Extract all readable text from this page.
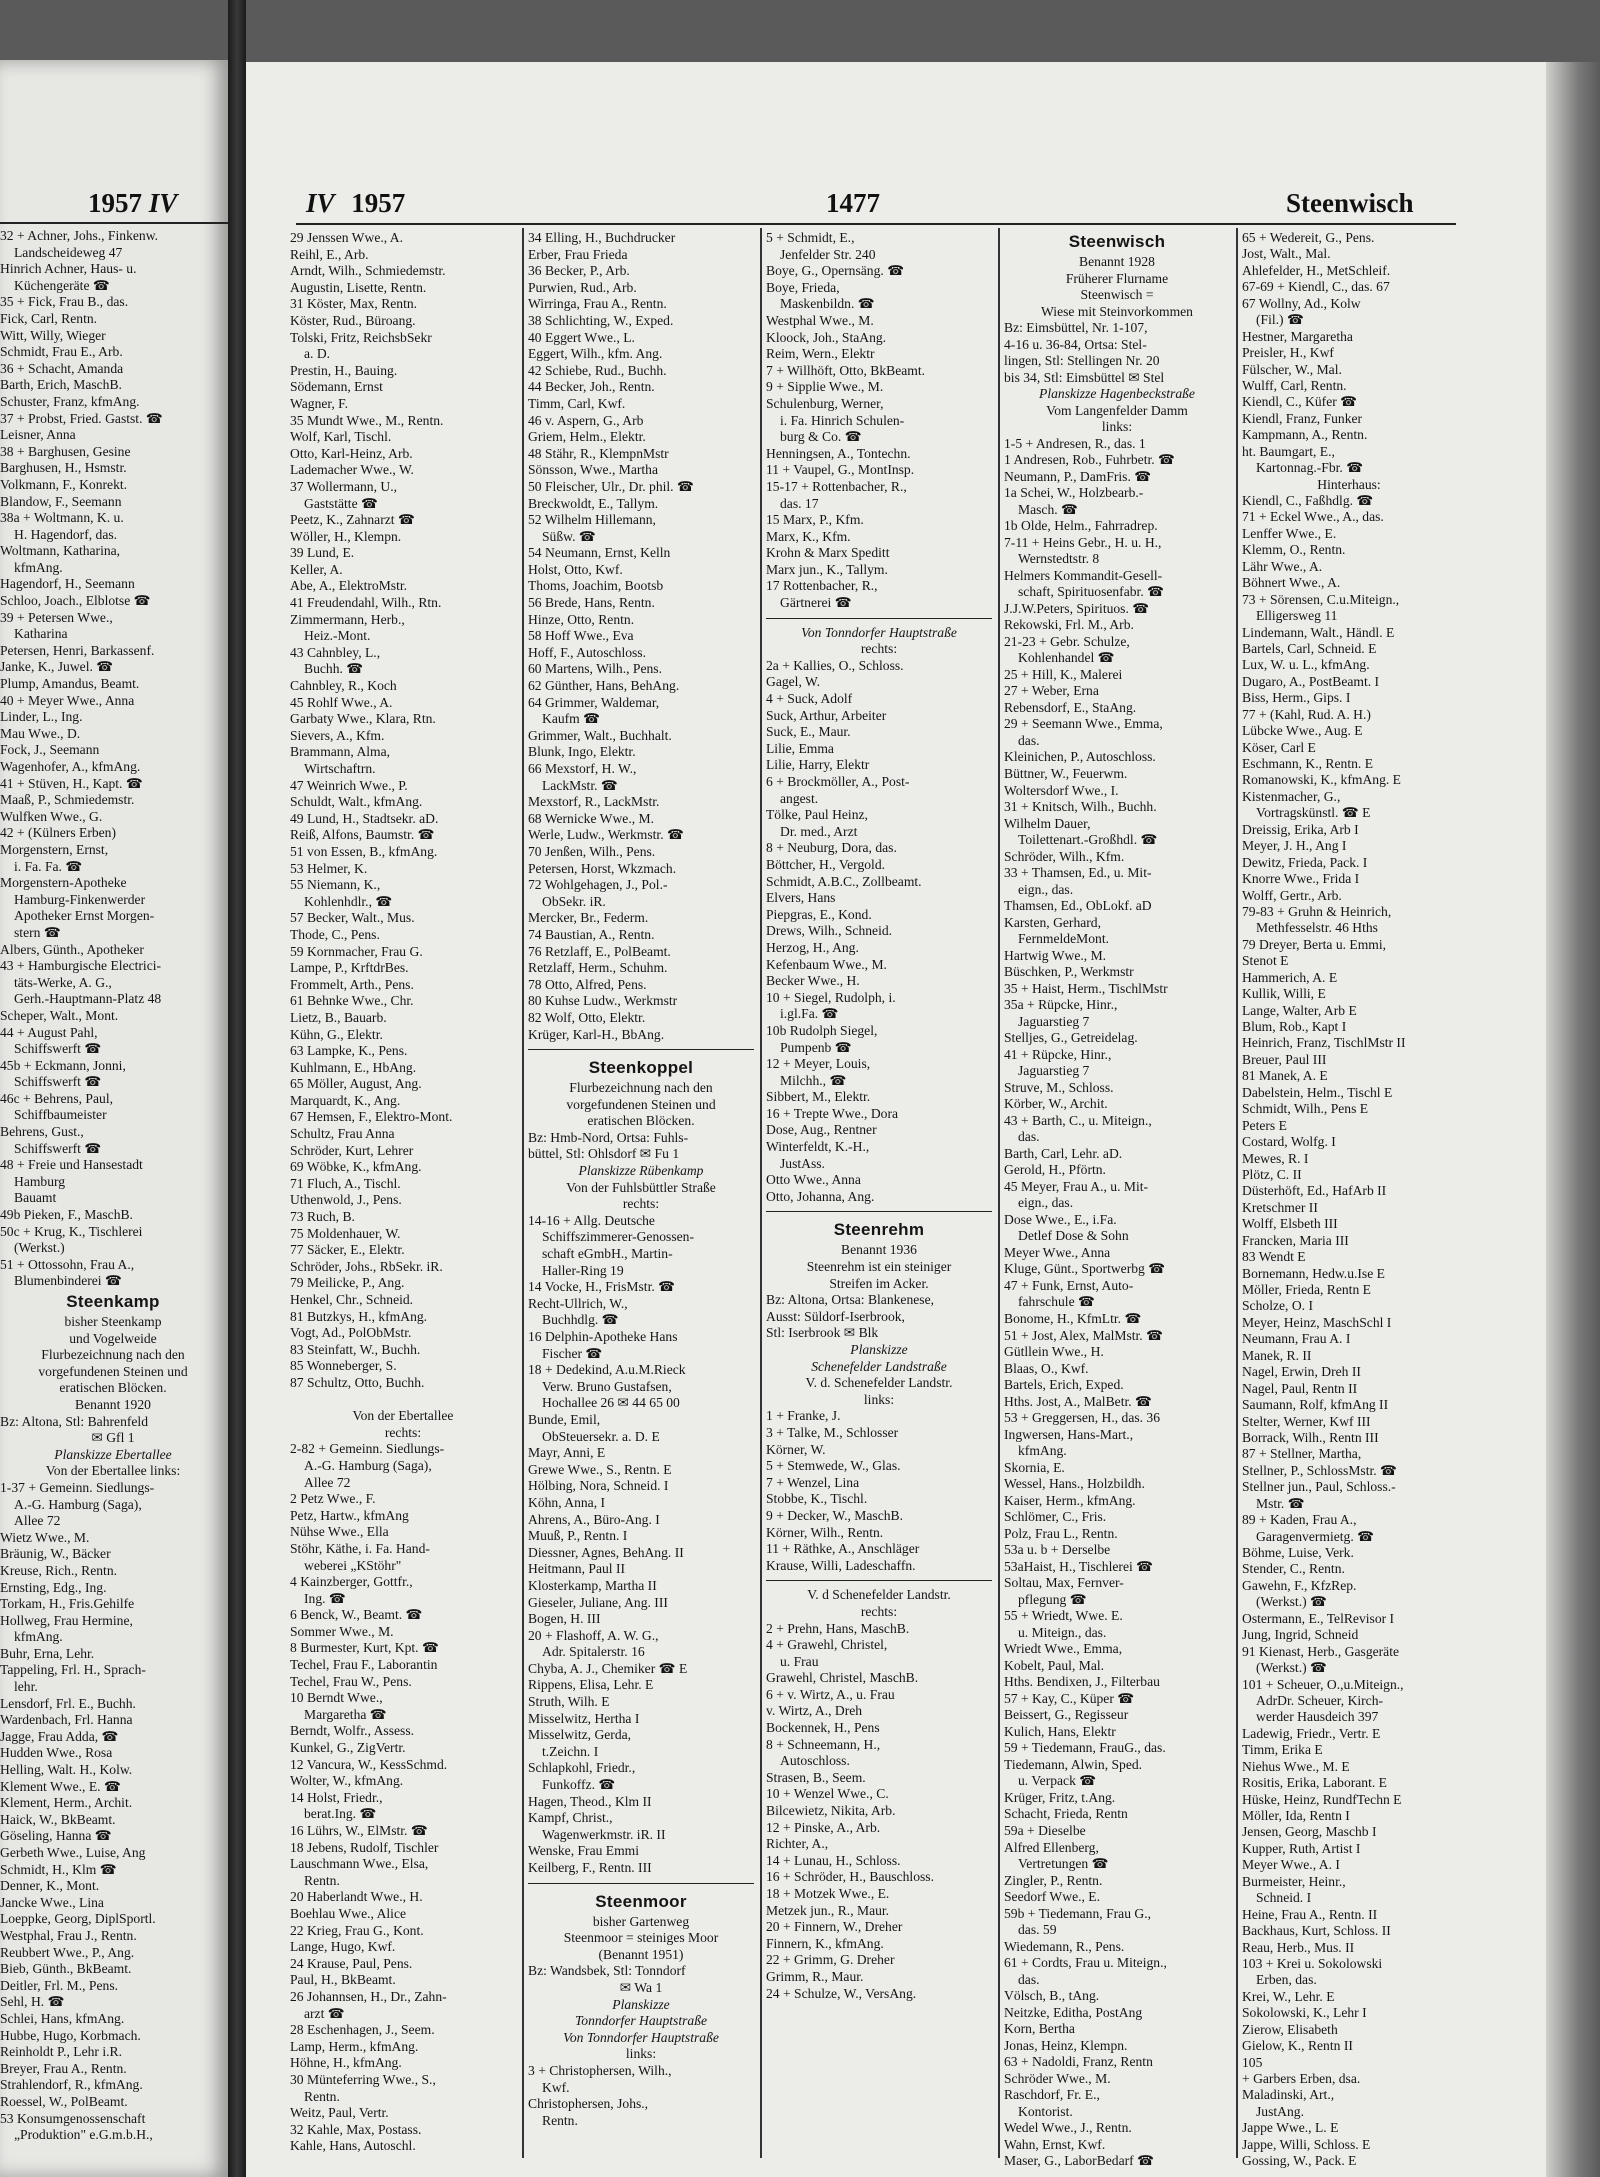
1957 IV
32 + Achner, Johs., Finkenw.
Landscheideweg 47
Hinrich Achner, Haus- u.
Küchengeräte ☎
35 + Fick, Frau B., das.
Fick, Carl, Rentn.
Witt, Willy, Wieger
Schmidt, Frau E., Arb.
36 + Schacht, Amanda
Barth, Erich, MaschB.
Schuster, Franz, kfmAng.
37 + Probst, Fried. Gastst. ☎
Leisner, Anna
38 + Barghusen, Gesine
Barghusen, H., Hsmstr.
Volkmann, F., Konrekt.
Blandow, F., Seemann
38a + Woltmann, K. u.
H. Hagendorf, das.
Woltmann, Katharina,
kfmAng.
Hagendorf, H., Seemann
Schloo, Joach., Elblotse ☎
39 + Petersen Wwe.,
Katharina
Petersen, Henri, Barkassenf.
Janke, K., Juwel. ☎
Plump, Amandus, Beamt.
40 + Meyer Wwe., Anna
Linder, L., Ing.
Mau Wwe., D.
Fock, J., Seemann
Wagenhofer, A., kfmAng.
41 + Stüven, H., Kapt. ☎
Maaß, P., Schmiedemstr.
Wulfken Wwe., G.
42 + (Külners Erben)
Morgenstern, Ernst,
i. Fa. Fa. ☎
Morgenstern-Apotheke
Hamburg-Finkenwerder
Apotheker Ernst Morgen-
stern ☎
Albers, Günth., Apotheker
43 + Hamburgische Electrici-
täts-Werke, A. G.,
Gerh.-Hauptmann-Platz 48
Scheper, Walt., Mont.
44 + August Pahl,
Schiffswerft ☎
45b + Eckmann, Jonni,
Schiffswerft ☎
46c + Behrens, Paul,
Schiffbaumeister
Behrens, Gust.,
Schiffswerft ☎
48 + Freie und Hansestadt
Hamburg
Bauamt
49b Pieken, F., MaschB.
50c + Krug, K., Tischlerei
(Werkst.)
51 + Ottossohn, Frau A.,
Blumenbinderei ☎
Steenkamp
bisher Steenkamp
und Vogelweide
Flurbezeichnung nach den
vorgefundenen Steinen und
eratischen Blöcken.
Benannt 1920
Bz: Altona, Stl: Bahrenfeld
✉ Gfl 1
Planskizze Ebertallee
Von der Ebertallee links:
1-37 + Gemeinn. Siedlungs-
A.-G. Hamburg (Saga),
Allee 72
Wietz Wwe., M.
Bräunig, W., Bäcker
Kreuse, Rich., Rentn.
Ernsting, Edg., Ing.
Torkam, H., Fris.Gehilfe
Hollweg, Frau Hermine,
kfmAng.
Buhr, Erna, Lehr.
Tappeling, Frl. H., Sprach-
lehr.
Lensdorf, Frl. E., Buchh.
Wardenbach, Frl. Hanna
Jagge, Frau Adda, ☎
Hudden Wwe., Rosa
Helling, Walt. H., Kolw.
Klement Wwe., E. ☎
Klement, Herm., Archit.
Haick, W., BkBeamt.
Göseling, Hanna ☎
Gerbeth Wwe., Luise, Ang
Schmidt, H., Klm ☎
Denner, K., Mont.
Jancke Wwe., Lina
Loeppke, Georg, DiplSportl.
Westphal, Frau J., Rentn.
Reubbert Wwe., P., Ang.
Bieb, Günth., BkBeamt.
Deitler, Frl. M., Pens.
Sehl, H. ☎
Schlei, Hans, kfmAng.
Hubbe, Hugo, Korbmach.
Reinholdt P., Lehr i.R.
Breyer, Frau A., Rentn.
Strahlendorf, R., kfmAng.
Roessel, W., PolBeamt.
53 Konsumgenossenschaft
„Produktion" e.G.m.b.H.,
IV 1957	1477	Steenwisch
29 Jenssen Wwe., A.
Reihl, E., Arb.
Arndt, Wilh., Schmiedemstr.
Augustin, Lisette, Rentn.
31 Köster, Max, Rentn.
Köster, Rud., Büroang.
Tolski, Fritz, ReichsbSekr
a. D.
Prestin, H., Bauing.
Södemann, Ernst
Wagner, F.
35 Mundt Wwe., M., Rentn.
Wolf, Karl, Tischl.
Otto, Karl-Heinz, Arb.
Lademacher Wwe., W.
37 Wollermann, U.,
Gaststätte ☎
Peetz, K., Zahnarzt ☎
Wöller, H., Klempn.
39 Lund, E.
Keller, A.
Abe, A., ElektroMstr.
41 Freudendahl, Wilh., Rtn.
Zimmermann, Herb.,
Heiz.-Mont.
43 Cahnbley, L.,
Buchh. ☎
Cahnbley, R., Koch
45 Rohlf Wwe., A.
Garbaty Wwe., Klara, Rtn.
Sievers, A., Kfm.
Brammann, Alma,
Wirtschaftrn.
47 Weinrich Wwe., P.
Schuldt, Walt., kfmAng.
49 Lund, H., Stadtsekr. aD.
Reiß, Alfons, Baumstr. ☎
51 von Essen, B., kfmAng.
53 Helmer, K.
55 Niemann, K.,
Kohlenhdlr., ☎
57 Becker, Walt., Mus.
Thode, C., Pens.
59 Kornmacher, Frau G.
Lampe, P., KrftdrBes.
Frommelt, Arth., Pens.
61 Behnke Wwe., Chr.
Lietz, B., Bauarb.
Kühn, G., Elektr.
63 Lampke, K., Pens.
Kuhlmann, E., HbAng.
65 Möller, August, Ang.
Marquardt, K., Ang.
67 Hemsen, F., Elektro-Mont.
Schultz, Frau Anna
Schröder, Kurt, Lehrer
69 Wöbke, K., kfmAng.
71 Fluch, A., Tischl.
Uthenwold, J., Pens.
73 Ruch, B.
75 Moldenhauer, W.
77 Säcker, E., Elektr.
Schröder, Johs., RbSekr. iR.
79 Meilicke, P., Ang.
Henkel, Chr., Schneid.
81 Butzkys, H., kfmAng.
Vogt, Ad., PolObMstr.
83 Steinfatt, W., Buchh.
85 Wonneberger, S.
87 Schultz, Otto, Buchh.
Von der Ebertallee
rechts:
2-82 + Gemeinn. Siedlungs-
A.-G. Hamburg (Saga),
Allee 72
2 Petz Wwe., F.
Petz, Hartw., kfmAng
Nühse Wwe., Ella
Stöhr, Käthe, i. Fa. Hand-
weberei „KStöhr"
4 Kainzberger, Gottfr.,
Ing. ☎
6 Benck, W., Beamt. ☎
Sommer Wwe., M.
8 Burmester, Kurt, Kpt. ☎
Techel, Frau F., Laborantin
Techel, Frau W., Pens.
10 Berndt Wwe.,
Margaretha ☎
Berndt, Wolfr., Assess.
Kunkel, G., ZigVertr.
12 Vancura, W., KessSchmd.
Wolter, W., kfmAng.
14 Holst, Friedr.,
berat.Ing. ☎
16 Lührs, W., ElMstr. ☎
18 Jebens, Rudolf, Tischler
Lauschmann Wwe., Elsa,
Rentn.
20 Haberlandt Wwe., H.
Boehlau Wwe., Alice
22 Krieg, Frau G., Kont.
Lange, Hugo, Kwf.
24 Krause, Paul, Pens.
Paul, H., BkBeamt.
26 Johannsen, H., Dr., Zahn-
arzt ☎
28 Eschenhagen, J., Seem.
Lamp, Herm., kfmAng.
Höhne, H., kfmAng.
30 Münteferring Wwe., S.,
Rentn.
Weitz, Paul, Vertr.
32 Kahle, Max, Postass.
Kahle, Hans, Autoschl.
34 Elling, H., Buchdrucker
Erber, Frau Frieda
36 Becker, P., Arb.
Purwien, Rud., Arb.
Wirringa, Frau A., Rentn.
38 Schlichting, W., Exped.
40 Eggert Wwe., L.
Eggert, Wilh., kfm. Ang.
42 Schiebe, Rud., Buchh.
44 Becker, Joh., Rentn.
Timm, Carl, Kwf.
46 v. Aspern, G., Arb
Griem, Helm., Elektr.
48 Stähr, R., KlempnMstr
Sönsson, Wwe., Martha
50 Fleischer, Ulr., Dr. phil. ☎
Breckwoldt, E., Tallym.
52 Wilhelm Hillemann,
Süßw. ☎
54 Neumann, Ernst, Kelln
Holst, Otto, Kwf.
Thoms, Joachim, Bootsb
56 Brede, Hans, Rentn.
Hinze, Otto, Rentn.
58 Hoff Wwe., Eva
Hoff, F., Autoschloss.
60 Martens, Wilh., Pens.
62 Günther, Hans, BehAng.
64 Grimmer, Waldemar,
Kaufm ☎
Grimmer, Walt., Buchhalt.
Blunk, Ingo, Elektr.
66 Mexstorf, H. W.,
LackMstr. ☎
Mexstorf, R., LackMstr.
68 Wernicke Wwe., M.
Werle, Ludw., Werkmstr. ☎
70 Jenßen, Wilh., Pens.
Petersen, Horst, Wkzmach.
72 Wohlgehagen, J., Pol.-
ObSekr. iR.
Mercker, Br., Federm.
74 Baustian, A., Rentn.
76 Retzlaff, E., PolBeamt.
Retzlaff, Herm., Schuhm.
78 Otto, Alfred, Pens.
80 Kuhse Ludw., Werkmstr
82 Wolf, Otto, Elektr.
Krüger, Karl-H., BbAng.
Steenkoppel
Flurbezeichnung nach den
vorgefundenen Steinen und
eratischen Blöcken.
Bz: Hmb-Nord, Ortsa: Fuhls-
büttel, Stl: Ohlsdorf ✉ Fu 1
Planskizze Rübenkamp
Von der Fuhlsbüttler Straße
rechts:
14-16 + Allg. Deutsche
Schiffszimmerer-Genossen-
schaft eGmbH., Martin-
Haller-Ring 19
14 Vocke, H., FrisMstr. ☎
Recht-Ullrich, W.,
Buchhdlg. ☎
16 Delphin-Apotheke Hans
Fischer ☎
18 + Dedekind, A.u.M.Rieck
Verw. Bruno Gustafsen,
Hochallee 26 ✉ 44 65 00
Bunde, Emil,
ObSteuersekr. a. D. E
Mayr, Anni, E
Grewe Wwe., S., Rentn. E
Hölbing, Nora, Schneid. I
Köhn, Anna, I
Ahrens, A., Büro-Ang. I
Muuß, P., Rentn. I
Diessner, Agnes, BehAng. II
Heitmann, Paul II
Klosterkamp, Martha II
Gieseler, Juliane, Ang. III
Bogen, H. III
20 + Flashoff, A. W. G.,
Adr. Spitalerstr. 16
Chyba, A. J., Chemiker ☎ E
Rippens, Elisa, Lehr. E
Struth, Wilh. E
Misselwitz, Hertha I
Misselwitz, Gerda,
t.Zeichn. I
Schlapkohl, Friedr.,
Funkoffz. ☎
Hagen, Theod., Klm II
Kampf, Christ.,
Wagenwerkmstr. iR. II
Wenske, Frau Emmi
Keilberg, F., Rentn. III
Steenmoor
bisher Gartenweg
Steenmoor = steiniges Moor
(Benannt 1951)
Bz: Wandsbek, Stl: Tonndorf
✉ Wa 1
Planskizze
Tonndorfer Hauptstraße
Von Tonndorfer Hauptstraße
links:
3 + Christophersen, Wilh.,
Kwf.
Christophersen, Johs.,
Rentn.
5 + Schmidt, E.,
Jenfelder Str. 240
Boye, G., Opernsäng. ☎
Boye, Frieda,
Maskenbildn. ☎
Westphal Wwe., M.
Kloock, Joh., StaAng.
Reim, Wern., Elektr
7 + Willhöft, Otto, BkBeamt.
9 + Sipplie Wwe., M.
Schulenburg, Werner,
i. Fa. Hinrich Schulen-
burg & Co. ☎
Henningsen, A., Tontechn.
11 + Vaupel, G., MontInsp.
15-17 + Rottenbacher, R.,
das. 17
15 Marx, P., Kfm.
Marx, K., Kfm.
Krohn & Marx Speditt
Marx jun., K., Tallym.
17 Rottenbacher, R.,
Gärtnerei ☎
Von Tonndorfer Hauptstraße
rechts:
2a + Kallies, O., Schloss.
Gagel, W.
4 + Suck, Adolf
Suck, Arthur, Arbeiter
Suck, E., Maur.
Lilie, Emma
Lilie, Harry, Elektr
6 + Brockmöller, A., Post-
angest.
Tölke, Paul Heinz,
Dr. med., Arzt
8 + Neuburg, Dora, das.
Böttcher, H., Vergold.
Schmidt, A.B.C., Zollbeamt.
Elvers, Hans
Piepgras, E., Kond.
Drews, Wilh., Schneid.
Herzog, H., Ang.
Kefenbaum Wwe., M.
Becker Wwe., H.
10 + Siegel, Rudolph, i.
i.gl.Fa. ☎
10b Rudolph Siegel,
Pumpenb ☎
12 + Meyer, Louis,
Milchh., ☎
Sibbert, M., Elektr.
16 + Trepte Wwe., Dora
Dose, Aug., Rentner
Winterfeldt, K.-H.,
JustAss.
Otto Wwe., Anna
Otto, Johanna, Ang.
Steenrehm
Benannt 1936
Steenrehm ist ein steiniger
Streifen im Acker.
Bz: Altona, Ortsa: Blankenese,
Ausst: Süldorf-Iserbrook,
Stl: Iserbrook ✉ Blk
Planskizze
Schenefelder Landstraße
V. d. Schenefelder Landstr.
links:
1 + Franke, J.
3 + Talke, M., Schlosser
Körner, W.
5 + Stemwede, W., Glas.
7 + Wenzel, Lina
Stobbe, K., Tischl.
9 + Decker, W., MaschB.
Körner, Wilh., Rentn.
11 + Räthke, A., Anschläger
Krause, Willi, Ladeschaffn.
V. d Schenefelder Landstr.
rechts:
2 + Prehn, Hans, MaschB.
4 + Grawehl, Christel,
u. Frau
Grawehl, Christel, MaschB.
6 + v. Wirtz, A., u. Frau
v. Wirtz, A., Dreh
Bockennek, H., Pens
8 + Schneemann, H.,
Autoschloss.
Strasen, B., Seem.
10 + Wenzel Wwe., C.
Bilcewietz, Nikita, Arb.
12 + Pinske, A., Arb.
Richter, A.,
14 + Lunau, H., Schloss.
16 + Schröder, H., Bauschloss.
18 + Motzek Wwe., E.
Metzek jun., R., Maur.
20 + Finnern, W., Dreher
Finnern, K., kfmAng.
22 + Grimm, G. Dreher
Grimm, R., Maur.
24 + Schulze, W., VersAng.
Steenwisch
Benannt 1928
Früherer Flurname
Steenwisch =
Wiese mit Steinvorkommen
Bz: Eimsbüttel, Nr. 1-107,
4-16 u. 36-84, Ortsa: Stel-
lingen, Stl: Stellingen Nr. 20
bis 34, Stl: Eimsbüttel ✉ Stel
Planskizze Hagenbeckstraße
Vom Langenfelder Damm
links:
1-5 + Andresen, R., das. 1
1 Andresen, Rob., Fuhrbetr. ☎
Neumann, P., DamFris. ☎
1a Schei, W., Holzbearb.-
Masch. ☎
1b Olde, Helm., Fahrradrep.
7-11 + Heins Gebr., H. u. H.,
Wernstedtstr. 8
Helmers Kommandit-Gesell-
schaft, Spirituosenfabr. ☎
J.J.W.Peters, Spirituos. ☎
Rekowski, Frl. M., Arb.
21-23 + Gebr. Schulze,
Kohlenhandel ☎
25 + Hill, K., Malerei
27 + Weber, Erna
Rebensdorf, E., StaAng.
29 + Seemann Wwe., Emma,
das.
Kleinichen, P., Autoschloss.
Büttner, W., Feuerwm.
Woltersdorf Wwe., I.
31 + Knitsch, Wilh., Buchh.
Wilhelm Dauer,
Toilettenart.-Großhdl. ☎
Schröder, Wilh., Kfm.
33 + Thamsen, Ed., u. Mit-
eign., das.
Thamsen, Ed., ObLokf. aD
Karsten, Gerhard,
FernmeldeMont.
Hartwig Wwe., M.
Büschken, P., Werkmstr
35 + Haist, Herm., TischlMstr
35a + Rüpcke, Hinr.,
Jaguarstieg 7
Stelljes, G., Getreidelag.
41 + Rüpcke, Hinr.,
Jaguarstieg 7
Struve, M., Schloss.
Körber, W., Archit.
43 + Barth, C., u. Miteign.,
das.
Barth, Carl, Lehr. aD.
Gerold, H., Pförtn.
45 Meyer, Frau A., u. Mit-
eign., das.
Dose Wwe., E., i.Fa.
Detlef Dose & Sohn
Meyer Wwe., Anna
Kluge, Günt., Sportwerbg ☎
47 + Funk, Ernst, Auto-
fahrschule ☎
Bonome, H., KfmLtr. ☎
51 + Jost, Alex, MalMstr. ☎
Gütllein Wwe., H.
Blaas, O., Kwf.
Bartels, Erich, Exped.
Hths. Jost, A., MalBetr. ☎
53 + Greggersen, H., das. 36
Ingwersen, Hans-Mart.,
kfmAng.
Skornia, E.
Wessel, Hans., Holzbildh.
Kaiser, Herm., kfmAng.
Schlömer, C., Fris.
Polz, Frau L., Rentn.
53a u. b + Derselbe
53aHaist, H., Tischlerei ☎
Soltau, Max, Fernver-
pflegung ☎
55 + Wriedt, Wwe. E.
u. Miteign., das.
Wriedt Wwe., Emma,
Kobelt, Paul, Mal.
Hths. Bendixen, J., Filterbau
57 + Kay, C., Küper ☎
Beissert, G., Regisseur
Kulich, Hans, Elektr
59 + Tiedemann, FrauG., das.
Tiedemann, Alwin, Sped.
u. Verpack ☎
Krüger, Fritz, t.Ang.
Schacht, Frieda, Rentn
59a + Dieselbe
Alfred Ellenberg,
Vertretungen ☎
Zingler, P., Rentn.
Seedorf Wwe., E.
59b + Tiedemann, Frau G.,
das. 59
Wiedemann, R., Pens.
61 + Cordts, Frau u. Miteign.,
das.
Völsch, B., tAng.
Neitzke, Editha, PostAng
Korn, Bertha
Jonas, Heinz, Klempn.
63 + Nadoldi, Franz, Rentn
Schröder Wwe., M.
Raschdorf, Fr. E.,
Kontorist.
Wedel Wwe., J., Rentn.
Wahn, Ernst, Kwf.
Maser, G., LaborBedarf ☎
65 + Wedereit, G., Pens.
Jost, Walt., Mal.
Ahlefelder, H., MetSchleif.
67-69 + Kiendl, C., das. 67
67 Wollny, Ad., Kolw
(Fil.) ☎
Hestner, Margaretha
Preisler, H., Kwf
Fülscher, W., Mal.
Wulff, Carl, Rentn.
Kiendl, C., Küfer ☎
Kiendl, Franz, Funker
Kampmann, A., Rentn.
ht. Baumgart, E.,
Kartonnag.-Fbr. ☎
Hinterhaus:
Kiendl, C., Faßhdlg. ☎
71 + Eckel Wwe., A., das.
Lenffer Wwe., E.
Klemm, O., Rentn.
Lähr Wwe., A.
Böhnert Wwe., A.
73 + Sörensen, C.u.Miteign.,
Elligersweg 11
Lindemann, Walt., Händl. E
Bartels, Carl, Schneid. E
Lux, W. u. L., kfmAng.
Dugaro, A., PostBeamt. I
Biss, Herm., Gips. I
77 + (Kahl, Rud. A. H.)
Lübcke Wwe., Aug. E
Köser, Carl E
Eschmann, K., Rentn. E
Romanowski, K., kfmAng. E
Kistenmacher, G.,
Vortragskünstl. ☎ E
Dreissig, Erika, Arb I
Meyer, J. H., Ang I
Dewitz, Frieda, Pack. I
Knorre Wwe., Frida I
Wolff, Gertr., Arb.
79-83 + Gruhn & Heinrich,
Methfesselstr. 46 Hths
79 Dreyer, Berta u. Emmi,
Stenot E
Hammerich, A. E
Kullik, Willi, E
Lange, Walter, Arb E
Blum, Rob., Kapt I
Heinrich, Franz, TischlMstr II
Breuer, Paul III
81 Manek, A. E
Dabelstein, Helm., Tischl E
Schmidt, Wilh., Pens E
Peters E
Costard, Wolfg. I
Mewes, R. I
Plötz, C. II
Düsterhöft, Ed., HafArb II
Kretschmer II
Wolff, Elsbeth III
Francken, Maria III
83 Wendt E
Bornemann, Hedw.u.Ise E
Möller, Frieda, Rentn E
Scholze, O. I
Meyer, Heinz, MaschSchl I
Neumann, Frau A. I
Manek, R. II
Nagel, Erwin, Dreh II
Nagel, Paul, Rentn II
Saumann, Rolf, kfmAng II
Stelter, Werner, Kwf III
Borrack, Wilh., Rentn III
87 + Stellner, Martha,
Stellner, P., SchlossMstr. ☎
Stellner jun., Paul, Schloss.-
Mstr. ☎
89 + Kaden, Frau A.,
Garagenvermietg. ☎
Böhme, Luise, Verk.
Stender, C., Rentn.
Gawehn, F., KfzRep.
(Werkst.) ☎
Ostermann, E., TelRevisor I
Jung, Ingrid, Schneid
91 Kienast, Herb., Gasgeräte
(Werkst.) ☎
101 + Scheuer, O.,u.Miteign.,
AdrDr. Scheuer, Kirch-
werder Hausdeich 397
Ladewig, Friedr., Vertr. E
Timm, Erika E
Niehus Wwe., M. E
Rositis, Erika, Laborant. E
Hüske, Heinz, RundfTechn E
Möller, Ida, Rentn I
Jensen, Georg, Maschb I
Kupper, Ruth, Artist I
Meyer Wwe., A. I
Burmeister, Heinr.,
Schneid. I
Heine, Frau A., Rentn. II
Backhaus, Kurt, Schloss. II
Reau, Herb., Mus. II
103 + Krei u. Sokolowski
Erben, das.
Krei, W., Lehr. E
Sokolowski, K., Lehr I
Zierow, Elisabeth
Gielow, K., Rentn II
105
+ Garbers Erben, dsa.
Maladinski, Art.,
JustAng.
Jappe Wwe., L. E
Jappe, Willi, Schloss. E
Gossing, W., Pack. E
